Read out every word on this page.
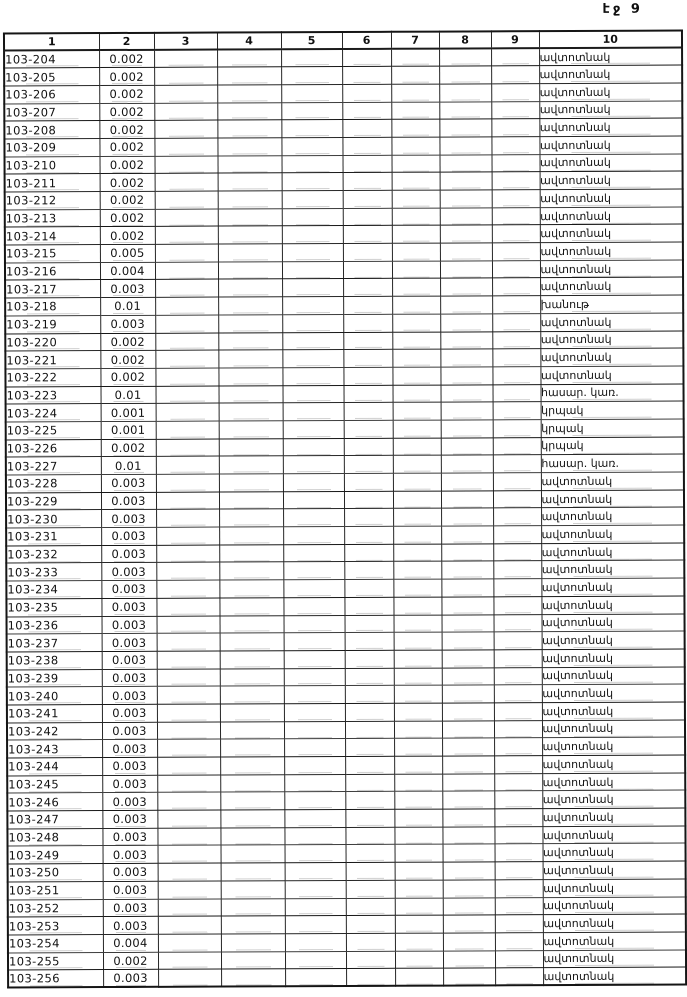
էջ 9
1	2	3	4	5	6	7	8	9	10
103-204	0.002								ավտոտնակ
103-205	0.002								ավտոտնակ
103-206	0.002								ավտոտնակ
103-207	0.002								ավտոտնակ
103-208	0.002								ավտոտնակ
103-209	0.002								ավտոտնակ
103-210	0.002								ավտոտնակ
103-211	0.002								ավտոտնակ
103-212	0.002								ավտոտնակ
103-213	0.002								ավտոտնակ
103-214	0.002								ավտոտնակ
103-215	0.005								ավտոտնակ
103-216	0.004								ավտոտնակ
103-217	0.003								ավտոտնակ
103-218	0.01								խանութ
103-219	0.003								ավտոտնակ
103-220	0.002								ավտոտնակ
103-221	0.002								ավտոտնակ
103-222	0.002								ավտոտնակ
103-223	0.01								հասար. կառ.
103-224	0.001								կրպակ
103-225	0.001								կրպակ
103-226	0.002								կրպակ
103-227	0.01								հասար. կառ.
103-228	0.003								ավտոտնակ
103-229	0.003								ավտոտնակ
103-230	0.003								ավտոտնակ
103-231	0.003								ավտոտնակ
103-232	0.003								ավտոտնակ
103-233	0.003								ավտոտնակ
103-234	0.003								ավտոտնակ
103-235	0.003								ավտոտնակ
103-236	0.003								ավտոտնակ
103-237	0.003								ավտոտնակ
103-238	0.003								ավտոտնակ
103-239	0.003								ավտոտնակ
103-240	0.003								ավտոտնակ
103-241	0.003								ավտոտնակ
103-242	0.003								ավտոտնակ
103-243	0.003								ավտոտնակ
103-244	0.003								ավտոտնակ
103-245	0.003								ավտոտնակ
103-246	0.003								ավտոտնակ
103-247	0.003								ավտոտնակ
103-248	0.003								ավտոտնակ
103-249	0.003								ավտոտնակ
103-250	0.003								ավտոտնակ
103-251	0.003								ավտոտնակ
103-252	0.003								ավտոտնակ
103-253	0.003								ավտոտնակ
103-254	0.004								ավտոտնակ
103-255	0.002								ավտոտնակ
103-256	0.003								ավտոտնակ
